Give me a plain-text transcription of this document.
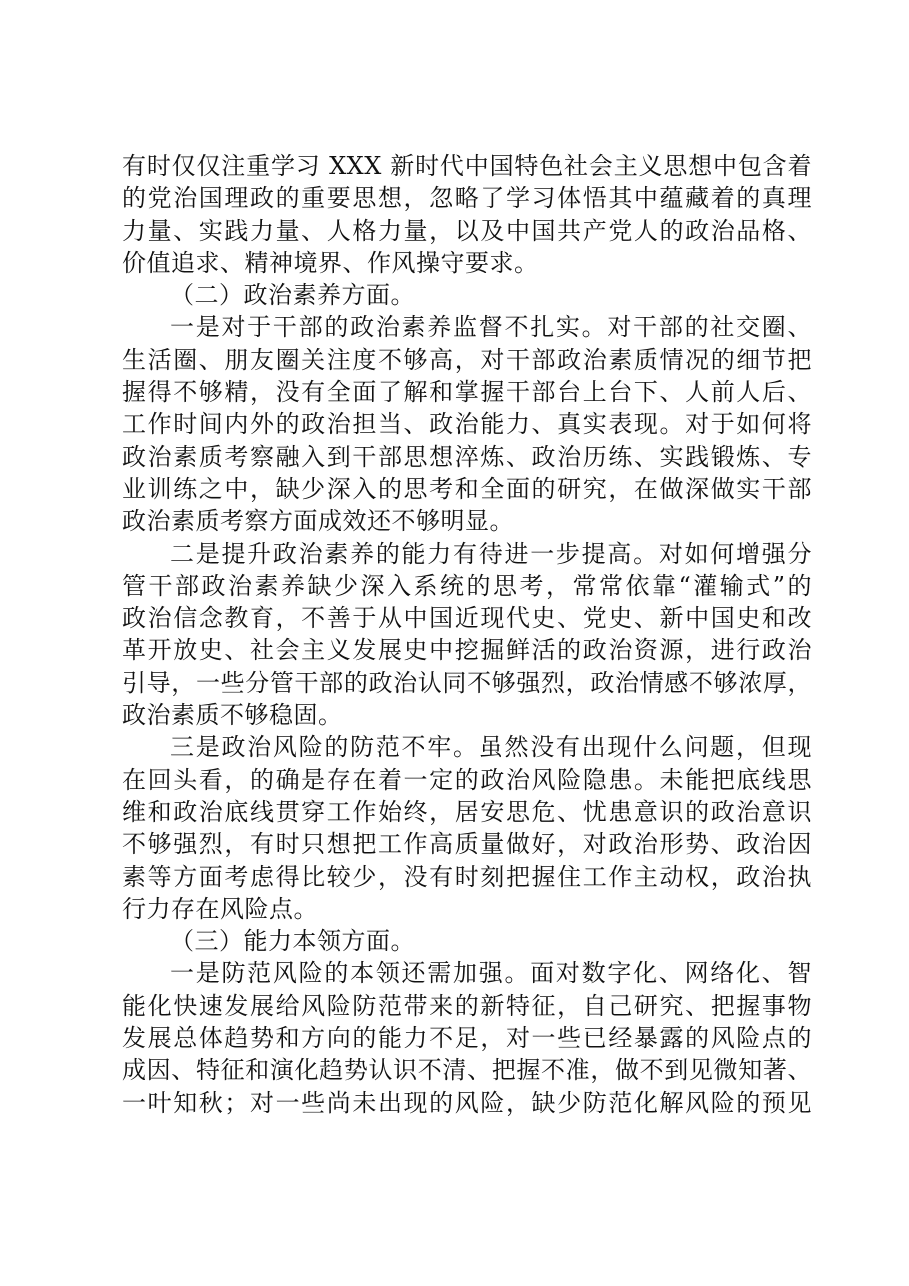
有时仅仅注重学习 XXX 新时代中国特色社会主义思想中包含着
的党治国理政的重要思想，忽略了学习体悟其中蕴藏着的真理
力量、实践力量、人格力量，以及中国共产党人的政治品格、
价值追求、精神境界、作风操守要求。
（二）政治素养方面。
一是对于干部的政治素养监督不扎实。对干部的社交圈、
生活圈、朋友圈关注度不够高，对干部政治素质情况的细节把
握得不够精，没有全面了解和掌握干部台上台下、人前人后、
工作时间内外的政治担当、政治能力、真实表现。对于如何将
政治素质考察融入到干部思想淬炼、政治历练、实践锻炼、专
业训练之中，缺少深入的思考和全面的研究，在做深做实干部
政治素质考察方面成效还不够明显。
二是提升政治素养的能力有待进一步提高。对如何增强分
管干部政治素养缺少深入系统的思考，常常依靠“灌输式”的
政治信念教育，不善于从中国近现代史、党史、新中国史和改
革开放史、社会主义发展史中挖掘鲜活的政治资源，进行政治
引导，一些分管干部的政治认同不够强烈，政治情感不够浓厚，
政治素质不够稳固。
三是政治风险的防范不牢。虽然没有出现什么问题，但现
在回头看，的确是存在着一定的政治风险隐患。未能把底线思
维和政治底线贯穿工作始终，居安思危、忧患意识的政治意识
不够强烈，有时只想把工作高质量做好，对政治形势、政治因
素等方面考虑得比较少，没有时刻把握住工作主动权，政治执
行力存在风险点。
（三）能力本领方面。
一是防范风险的本领还需加强。面对数字化、网络化、智
能化快速发展给风险防范带来的新特征，自己研究、把握事物
发展总体趋势和方向的能力不足，对一些已经暴露的风险点的
成因、特征和演化趋势认识不清、把握不准，做不到见微知著、
一叶知秋；对一些尚未出现的风险，缺少防范化解风险的预见
